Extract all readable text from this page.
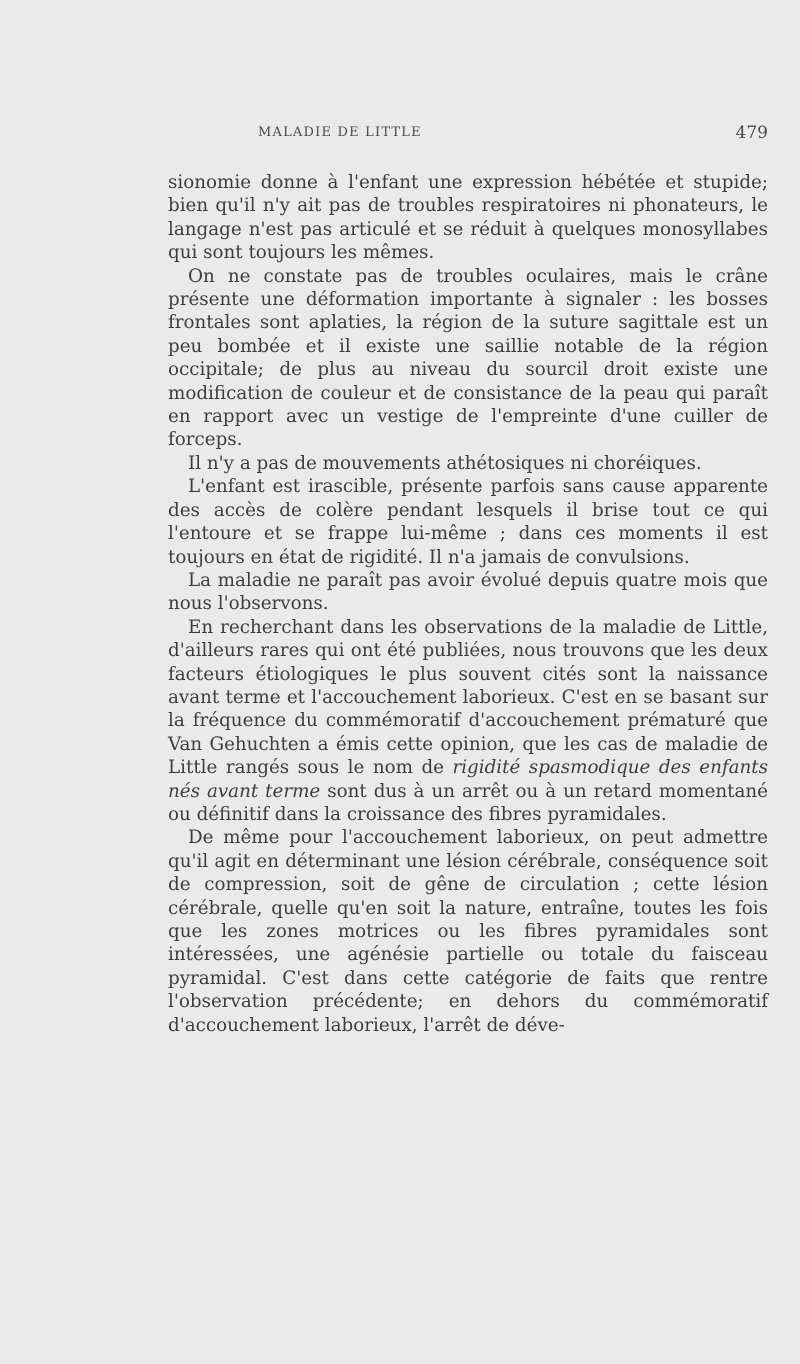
MALADIE DE LITTLE	479

sionomie donne à l'enfant une expression hébétée et stupide; bien qu'il n'y ait pas de troubles respiratoires ni phonateurs, le langage n'est pas articulé et se réduit à quelques monosyllabes qui sont toujours les mêmes.

On ne constate pas de troubles oculaires, mais le crâne présente une déformation importante à signaler : les bosses frontales sont aplaties, la région de la suture sagittale est un peu bombée et il existe une saillie notable de la région occipitale; de plus au niveau du sourcil droit existe une modification de couleur et de consistance de la peau qui paraît en rapport avec un vestige de l'empreinte d'une cuiller de forceps.

Il n'y a pas de mouvements athétosiques ni choréiques.

L'enfant est irascible, présente parfois sans cause apparente des accès de colère pendant lesquels il brise tout ce qui l'entoure et se frappe lui-même ; dans ces moments il est toujours en état de rigidité. Il n'a jamais de convulsions.

La maladie ne paraît pas avoir évolué depuis quatre mois que nous l'observons.

En recherchant dans les observations de la maladie de Little, d'ailleurs rares qui ont été publiées, nous trouvons que les deux facteurs étiologiques le plus souvent cités sont la naissance avant terme et l'accouchement laborieux. C'est en se basant sur la fréquence du commémoratif d'accouchement prématuré que Van Gehuchten a émis cette opinion, que les cas de maladie de Little rangés sous le nom de rigidité spasmodique des enfants nés avant terme sont dus à un arrêt ou à un retard momentané ou définitif dans la croissance des fibres pyramidales.

De même pour l'accouchement laborieux, on peut admettre qu'il agit en déterminant une lésion cérébrale, conséquence soit de compression, soit de gêne de circulation ; cette lésion cérébrale, quelle qu'en soit la nature, entraîne, toutes les fois que les zones motrices ou les fibres pyramidales sont intéressées, une agénésie partielle ou totale du faisceau pyramidal. C'est dans cette catégorie de faits que rentre l'observation précédente; en dehors du commémoratif d'accouchement laborieux, l'arrêt de déve-
